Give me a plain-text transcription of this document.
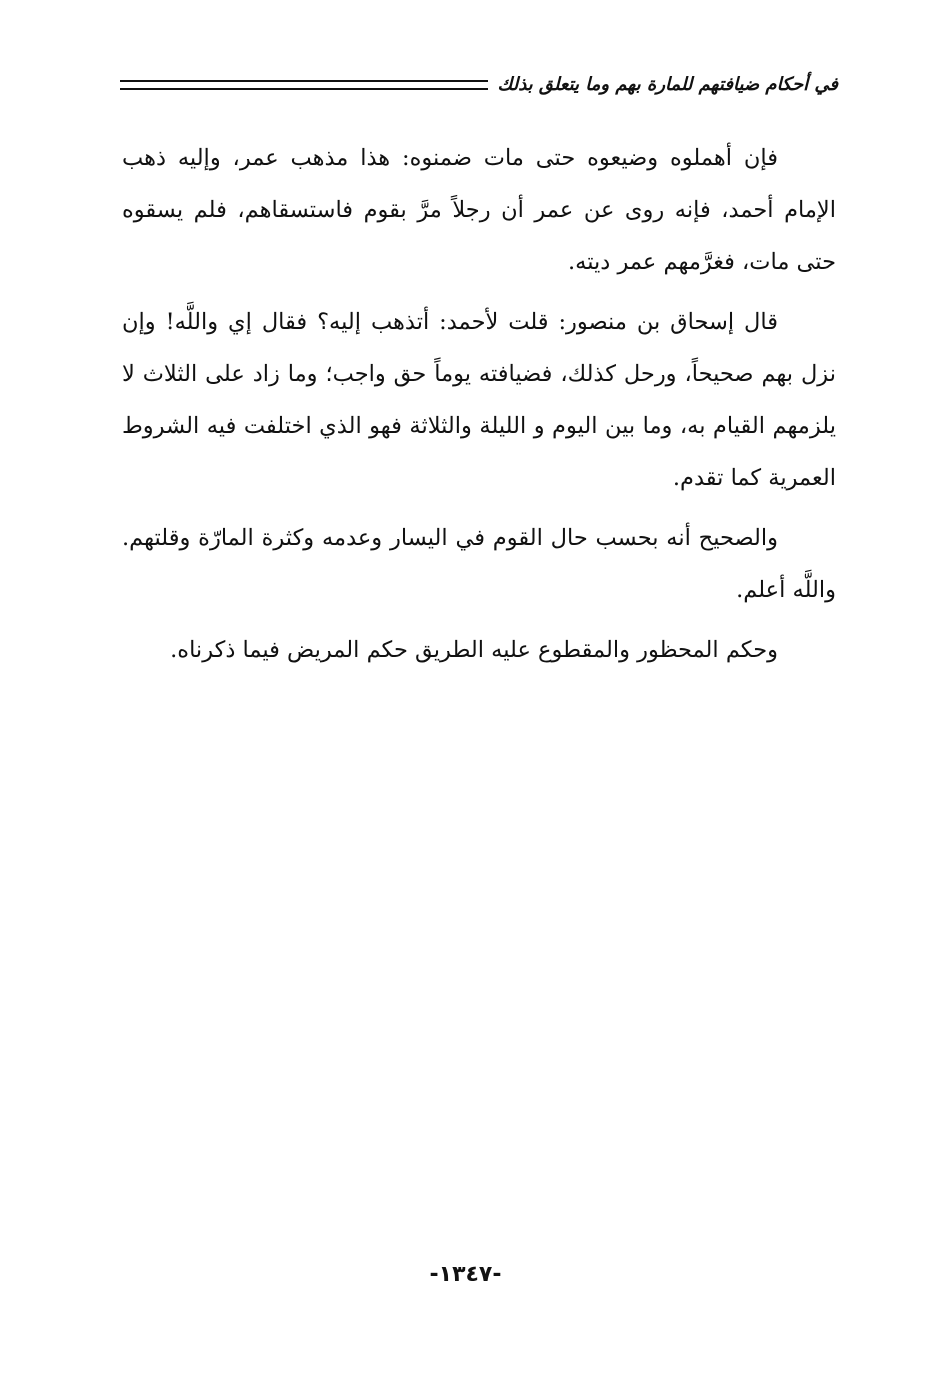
في أحكام ضيافتهم للمارة بهم وما يتعلق بذلك

فإن أهملوه وضيعوه حتى مات ضمنوه: هذا مذهب عمر، وإليه ذهب الإمام أحمد، فإنه روى عن عمر أن رجلاً مرَّ بقوم فاستسقاهم، فلم يسقوه حتى مات، فغرَّمهم عمر ديته.

قال إسحاق بن منصور: قلت لأحمد: أتذهب إليه؟ فقال إي واللَّه! وإن نزل بهم صحيحاً، ورحل كذلك، فضيافته يوماً حق واجب؛ وما زاد على الثلاث لا يلزمهم القيام به، وما بين اليوم و الليلة والثلاثة فهو الذي اختلفت فيه الشروط العمرية كما تقدم.

والصحيح أنه بحسب حال القوم في اليسار وعدمه وكثرة المارّة وقلتهم. واللَّه أعلم.

وحكم المحظور والمقطوع عليه الطريق حكم المريض فيما ذكرناه.

-١٣٤٧-
